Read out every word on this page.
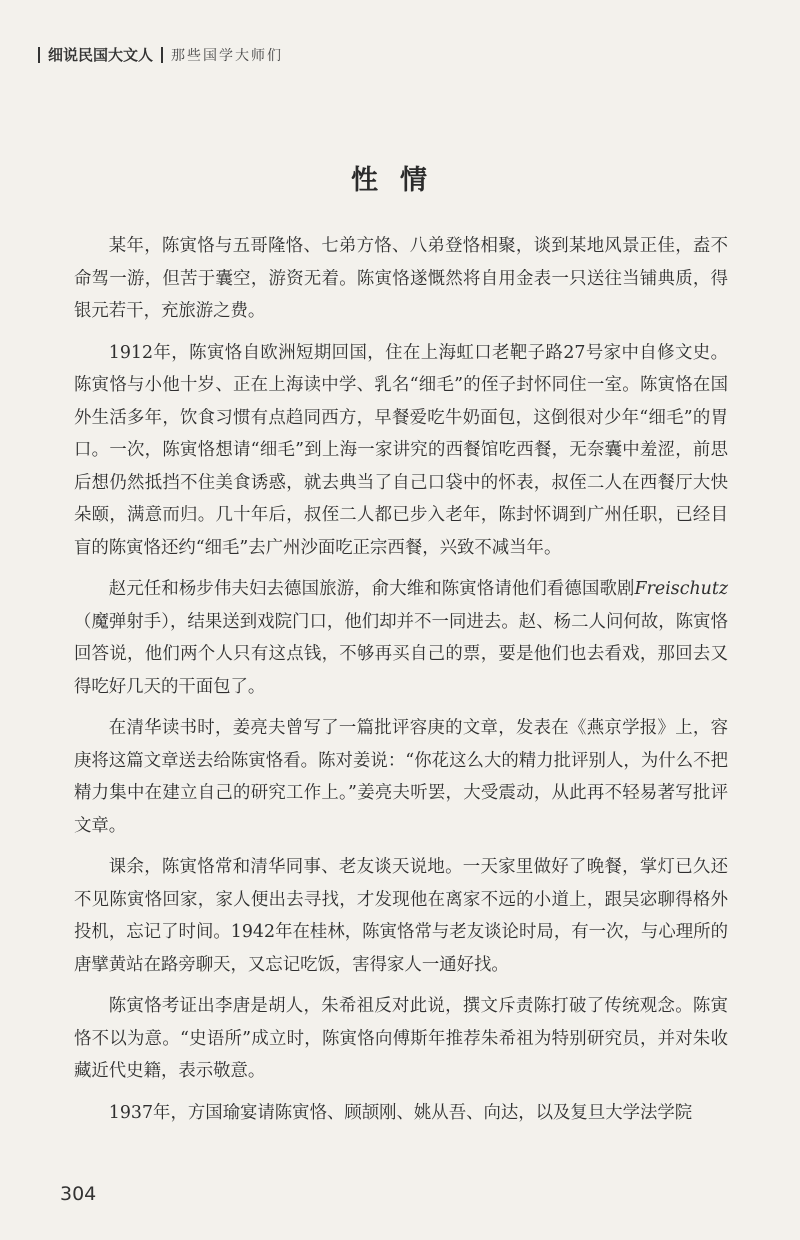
细说民国大文人 那些国学大师们
性情

某年，陈寅恪与五哥隆恪、七弟方恪、八弟登恪相聚，谈到某地风景正佳，盍不命驾一游，但苦于囊空，游资无着。陈寅恪遂慨然将自用金表一只送往当铺典质，得银元若干，充旅游之费。

1912年，陈寅恪自欧洲短期回国，住在上海虹口老靶子路27号家中自修文史。陈寅恪与小他十岁、正在上海读中学、乳名“细毛”的侄子封怀同住一室。陈寅恪在国外生活多年，饮食习惯有点趋同西方，早餐爱吃牛奶面包，这倒很对少年“细毛”的胃口。一次，陈寅恪想请“细毛”到上海一家讲究的西餐馆吃西餐，无奈囊中羞涩，前思后想仍然抵挡不住美食诱惑，就去典当了自己口袋中的怀表，叔侄二人在西餐厅大快朵颐，满意而归。几十年后，叔侄二人都已步入老年，陈封怀调到广州任职，已经目盲的陈寅恪还约“细毛”去广州沙面吃正宗西餐，兴致不减当年。

赵元任和杨步伟夫妇去德国旅游，俞大维和陈寅恪请他们看德国歌剧Freischutz（魔弹射手），结果送到戏院门口，他们却并不一同进去。赵、杨二人问何故，陈寅恪回答说，他们两个人只有这点钱，不够再买自己的票，要是他们也去看戏，那回去又得吃好几天的干面包了。

在清华读书时，姜亮夫曾写了一篇批评容庚的文章，发表在《燕京学报》上，容庚将这篇文章送去给陈寅恪看。陈对姜说：“你花这么大的精力批评别人，为什么不把精力集中在建立自己的研究工作上。”姜亮夫听罢，大受震动，从此再不轻易著写批评文章。

课余，陈寅恪常和清华同事、老友谈天说地。一天家里做好了晚餐，掌灯已久还不见陈寅恪回家，家人便出去寻找，才发现他在离家不远的小道上，跟吴宓聊得格外投机，忘记了时间。1942年在桂林，陈寅恪常与老友谈论时局，有一次，与心理所的唐擘黄站在路旁聊天，又忘记吃饭，害得家人一通好找。

陈寅恪考证出李唐是胡人，朱希祖反对此说，撰文斥责陈打破了传统观念。陈寅恪不以为意。“史语所”成立时，陈寅恪向傅斯年推荐朱希祖为特别研究员，并对朱收藏近代史籍，表示敬意。

1937年，方国瑜宴请陈寅恪、顾颉刚、姚从吾、向达，以及复旦大学法学院

304
